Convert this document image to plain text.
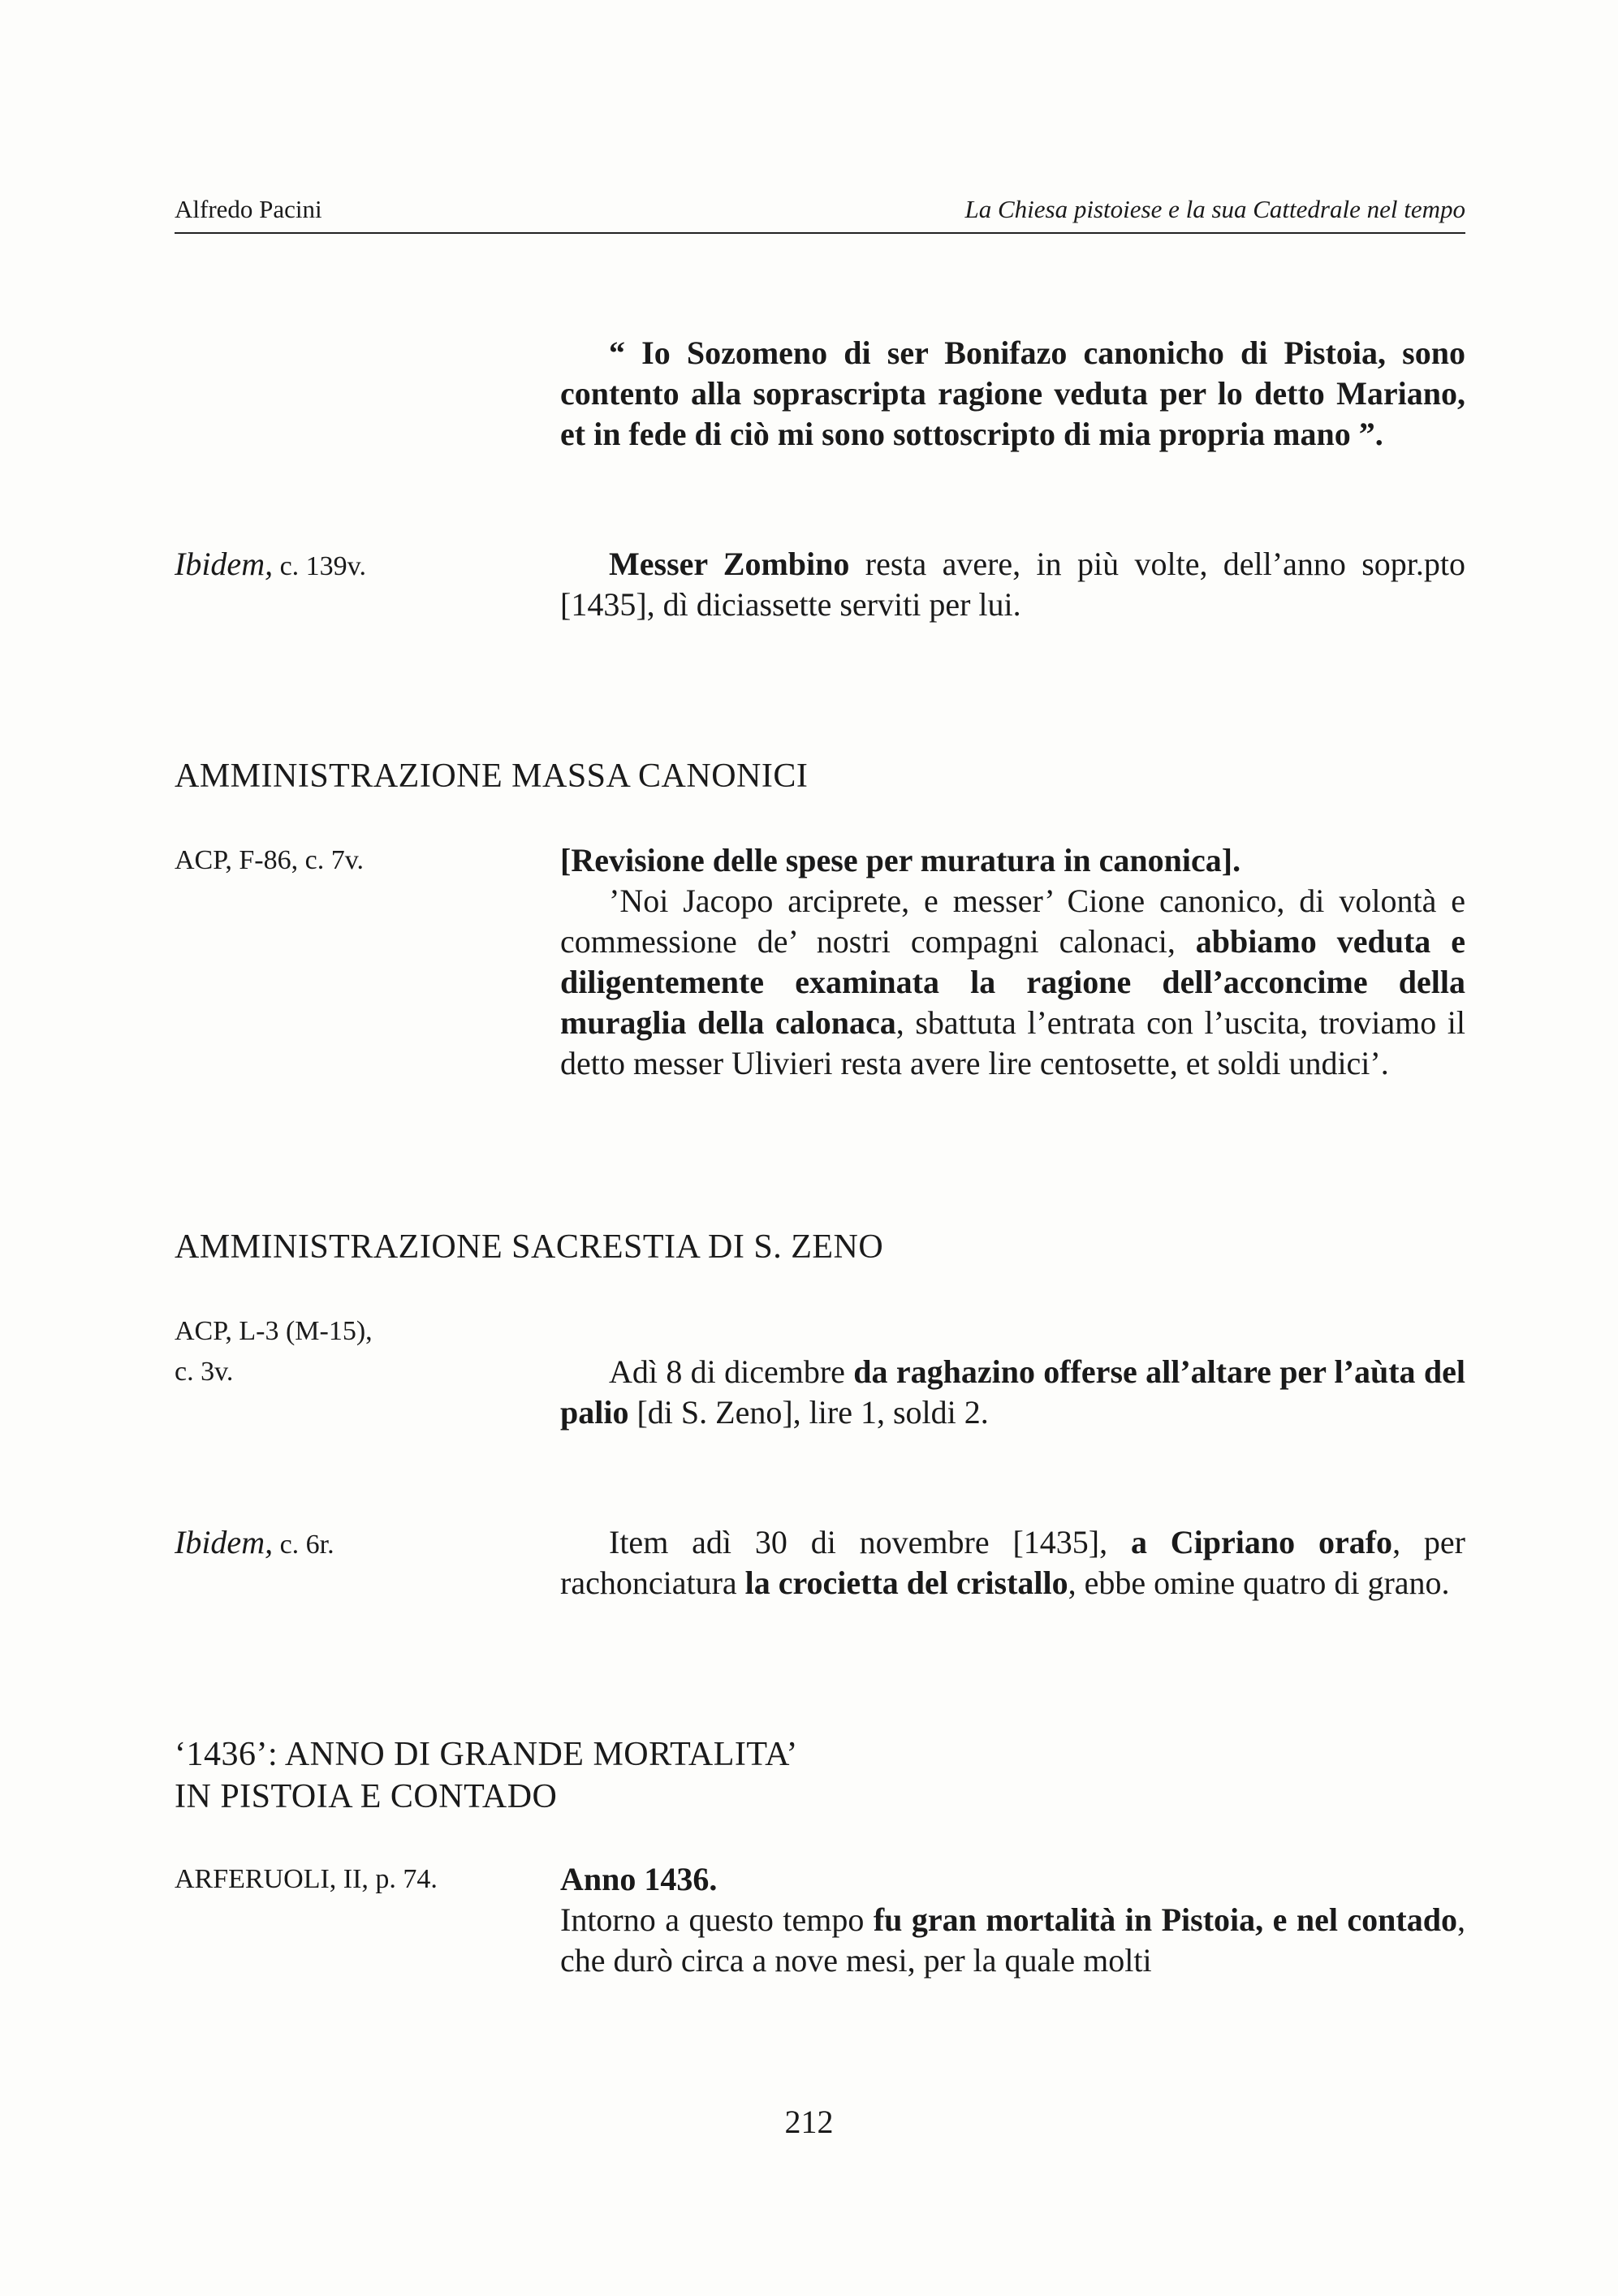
Alfredo Pacini	La Chiesa pistoiese e la sua Cattedrale nel tempo

“ Io Sozomeno di ser Bonifazo canonicho di Pistoia, sono contento alla soprascripta ragione veduta per lo detto Mariano, et in fede di ciò mi sono sottoscripto di mia propria mano ”.

Ibidem, c. 139v.	Messer Zombino resta avere, in più volte, dell’anno sopr.pto [1435], dì diciassette serviti per lui.

AMMINISTRAZIONE MASSA CANONICI
ACP, F-86, c. 7v.	[Revisione delle spese per muratura in canonica].

’Noi Jacopo arciprete, e messer’ Cione canonico, di volontà e commessione de’ nostri compagni calonaci, abbiamo veduta e diligentemente examinata la ragione dell’acconcime della muraglia della calonaca, sbattuta l’entrata con l’uscita, troviamo il detto messer Ulivieri resta avere lire centosette, et soldi undici’.

AMMINISTRAZIONE SACRESTIA DI S. ZENO
ACP, L-3 (M-15),
c. 3v.	Adì 8 di dicembre da raghazino offerse all’altare per l’aùta del palio [di S. Zeno], lire 1, soldi 2.

Ibidem, c. 6r.	Item adì 30 di novembre [1435], a Cipriano orafo, per rachonciatura la crocietta del cristallo, ebbe omine quatro di grano.

‘1436’: ANNO DI GRANDE MORTALITA’
IN PISTOIA E CONTADO
ARFERUOLI, II, p. 74.	Anno 1436.

Intorno a questo tempo fu gran mortalità in Pistoia, e nel contado, che durò circa a nove mesi, per la quale molti

212
